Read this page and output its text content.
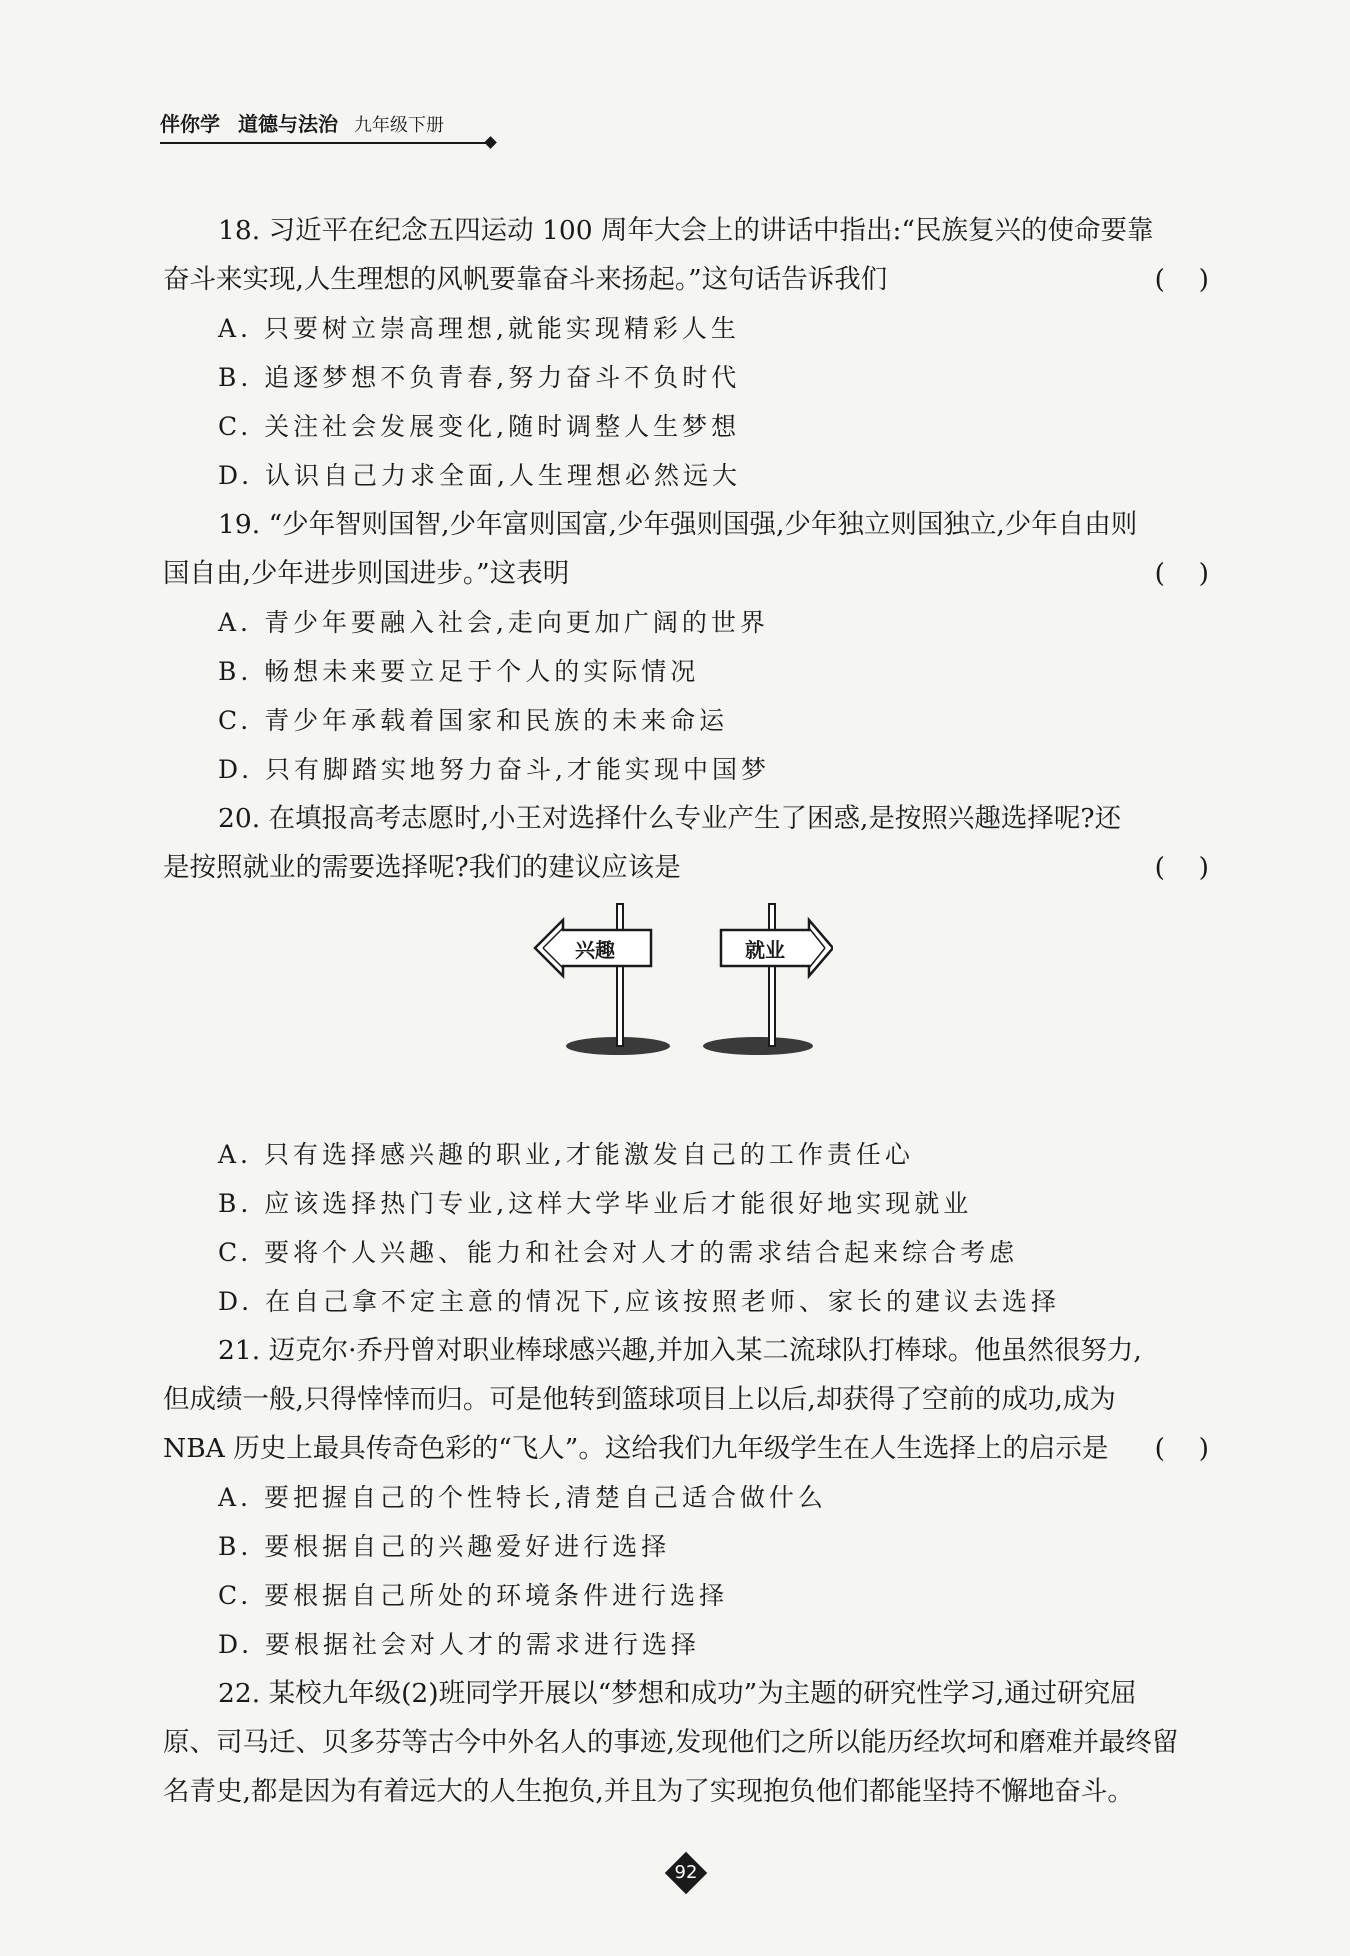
伴你学 道德与法治 九年级下册
18. 习近平在纪念五四运动 100 周年大会上的讲话中指出:“民族复兴的使命要靠
奋斗来实现,人生理想的风帆要靠奋斗来扬起。”这句话告诉我们	(    )
A. 只要树立崇高理想,就能实现精彩人生
B. 追逐梦想不负青春,努力奋斗不负时代
C. 关注社会发展变化,随时调整人生梦想
D. 认识自己力求全面,人生理想必然远大
19. “少年智则国智,少年富则国富,少年强则国强,少年独立则国独立,少年自由则
国自由,少年进步则国进步。”这表明	(    )
A. 青少年要融入社会,走向更加广阔的世界
B. 畅想未来要立足于个人的实际情况
C. 青少年承载着国家和民族的未来命运
D. 只有脚踏实地努力奋斗,才能实现中国梦
20. 在填报高考志愿时,小王对选择什么专业产生了困惑,是按照兴趣选择呢?还
是按照就业的需要选择呢?我们的建议应该是	(    )
兴趣	就业
A. 只有选择感兴趣的职业,才能激发自己的工作责任心
B. 应该选择热门专业,这样大学毕业后才能很好地实现就业
C. 要将个人兴趣、能力和社会对人才的需求结合起来综合考虑
D. 在自己拿不定主意的情况下,应该按照老师、家长的建议去选择
21. 迈克尔·乔丹曾对职业棒球感兴趣,并加入某二流球队打棒球。他虽然很努力,
但成绩一般,只得悻悻而归。可是他转到篮球项目上以后,却获得了空前的成功,成为
NBA 历史上最具传奇色彩的“飞人”。这给我们九年级学生在人生选择上的启示是 (    )
A. 要把握自己的个性特长,清楚自己适合做什么
B. 要根据自己的兴趣爱好进行选择
C. 要根据自己所处的环境条件进行选择
D. 要根据社会对人才的需求进行选择
22. 某校九年级(2)班同学开展以“梦想和成功”为主题的研究性学习,通过研究屈
原、司马迁、贝多芬等古今中外名人的事迹,发现他们之所以能历经坎坷和磨难并最终留
名青史,都是因为有着远大的人生抱负,并且为了实现抱负他们都能坚持不懈地奋斗。
92
